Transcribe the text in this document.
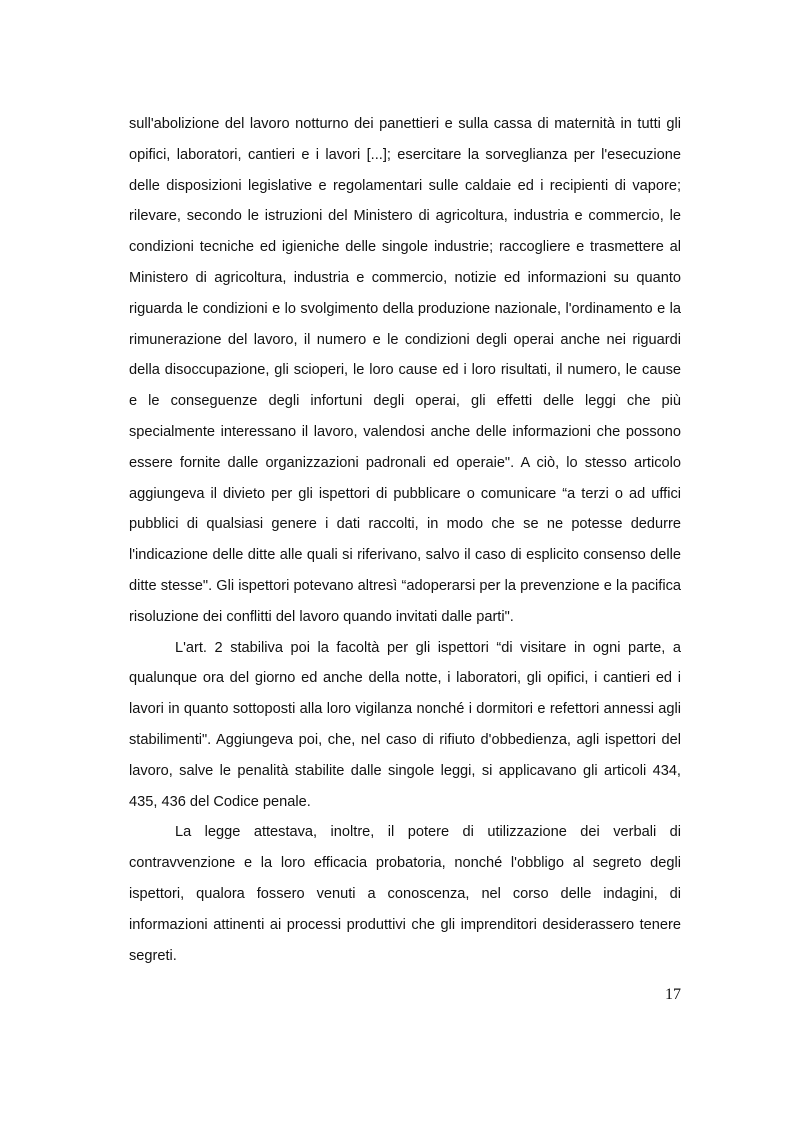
sull'abolizione del lavoro notturno dei panettieri e sulla cassa di maternità in tutti gli opifici, laboratori, cantieri e i lavori [...]; esercitare la sorveglianza per l'esecuzione delle disposizioni legislative e regolamentari sulle caldaie ed i recipienti di vapore; rilevare, secondo le istruzioni del Ministero di agricoltura, industria e commercio, le condizioni tecniche ed igieniche delle singole industrie; raccogliere e trasmettere al Ministero di agricoltura, industria e commercio, notizie ed informazioni su quanto riguarda le condizioni e lo svolgimento della produzione nazionale, l'ordinamento e la rimunerazione del lavoro, il numero e le condizioni degli operai anche nei riguardi della disoccupazione, gli scioperi, le loro cause ed i loro risultati, il numero, le cause e le conseguenze degli infortuni degli operai, gli effetti delle leggi che più specialmente interessano il lavoro, valendosi anche delle informazioni che possono essere fornite dalle organizzazioni padronali ed operaie". A ciò, lo stesso articolo aggiungeva il divieto per gli ispettori di pubblicare o comunicare “a terzi o ad uffici pubblici di qualsiasi genere i dati raccolti, in modo che se ne potesse dedurre l'indicazione delle ditte alle quali si riferivano, salvo il caso di esplicito consenso delle ditte stesse". Gli ispettori potevano altresì “adoperarsi per la prevenzione e la pacifica risoluzione dei conflitti del lavoro quando invitati dalle parti".

L'art. 2 stabiliva poi la facoltà per gli ispettori “di visitare in ogni parte, a qualunque ora del giorno ed anche della notte, i laboratori, gli opifici, i cantieri ed i lavori in quanto sottoposti alla loro vigilanza nonché i dormitori e refettori annessi agli stabilimenti". Aggiungeva poi, che, nel caso di rifiuto d'obbedienza, agli ispettori del lavoro, salve le penalità stabilite dalle singole leggi, si applicavano gli articoli 434, 435, 436 del Codice penale.

La legge attestava, inoltre, il potere di utilizzazione dei verbali di contravvenzione e la loro efficacia probatoria, nonché l'obbligo al segreto degli ispettori, qualora fossero venuti a conoscenza, nel corso delle indagini, di informazioni attinenti ai processi produttivi che gli imprenditori desiderassero tenere segreti.

17
